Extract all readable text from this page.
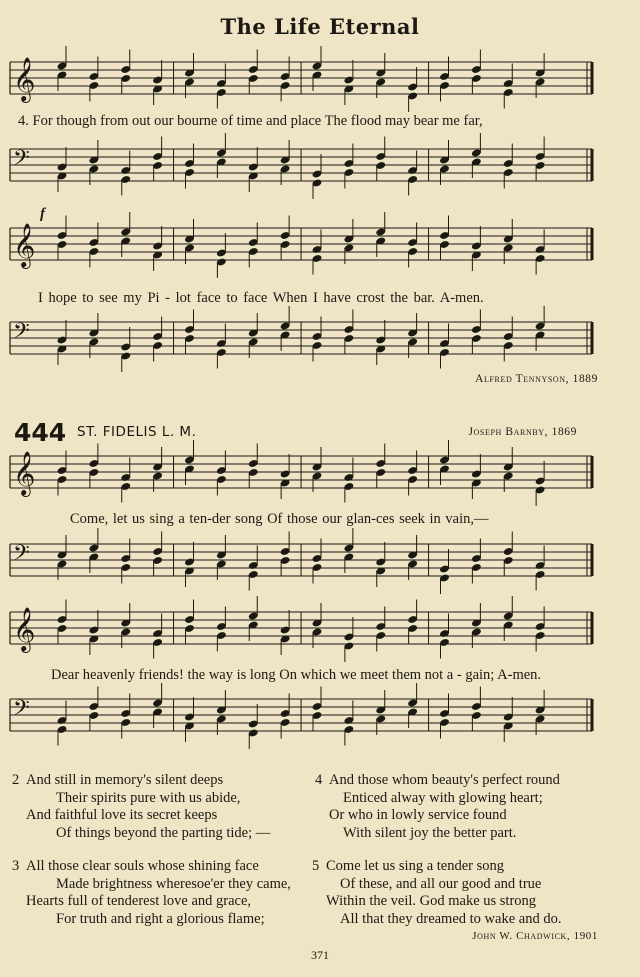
The Life Eternal
𝄞
4. For though from out our bourne of time and place The flood may bear me far,
𝄢
f
𝄞
I hope to see my Pi - lot face to face When I have crost the bar. A-men.
𝄢
Alfred Tennyson, 1889
444 ST. FIDELIS L. M.	Joseph Barnby, 1869
𝄞
Come, let us sing a ten-der song Of those our glan-ces seek in vain,—
𝄢
𝄞
Dear heavenly friends! the way is long On which we meet them not a - gain; A-men.
𝄢
2 And still in memory's silent deeps
Their spirits pure with us abide,
And faithful love its secret keeps
Of things beyond the parting tide; —
3 All those clear souls whose shining face
Made brightness wheresoe'er they came,
Hearts full of tenderest love and grace,
For truth and right a glorious flame;
4 And those whom beauty's perfect round
Enticed alway with glowing heart;
Or who in lowly service found
With silent joy the better part.
5 Come let us sing a tender song
Of these, and all our good and true
Within the veil. God make us strong
All that they dreamed to wake and do.
John W. Chadwick, 1901
371
